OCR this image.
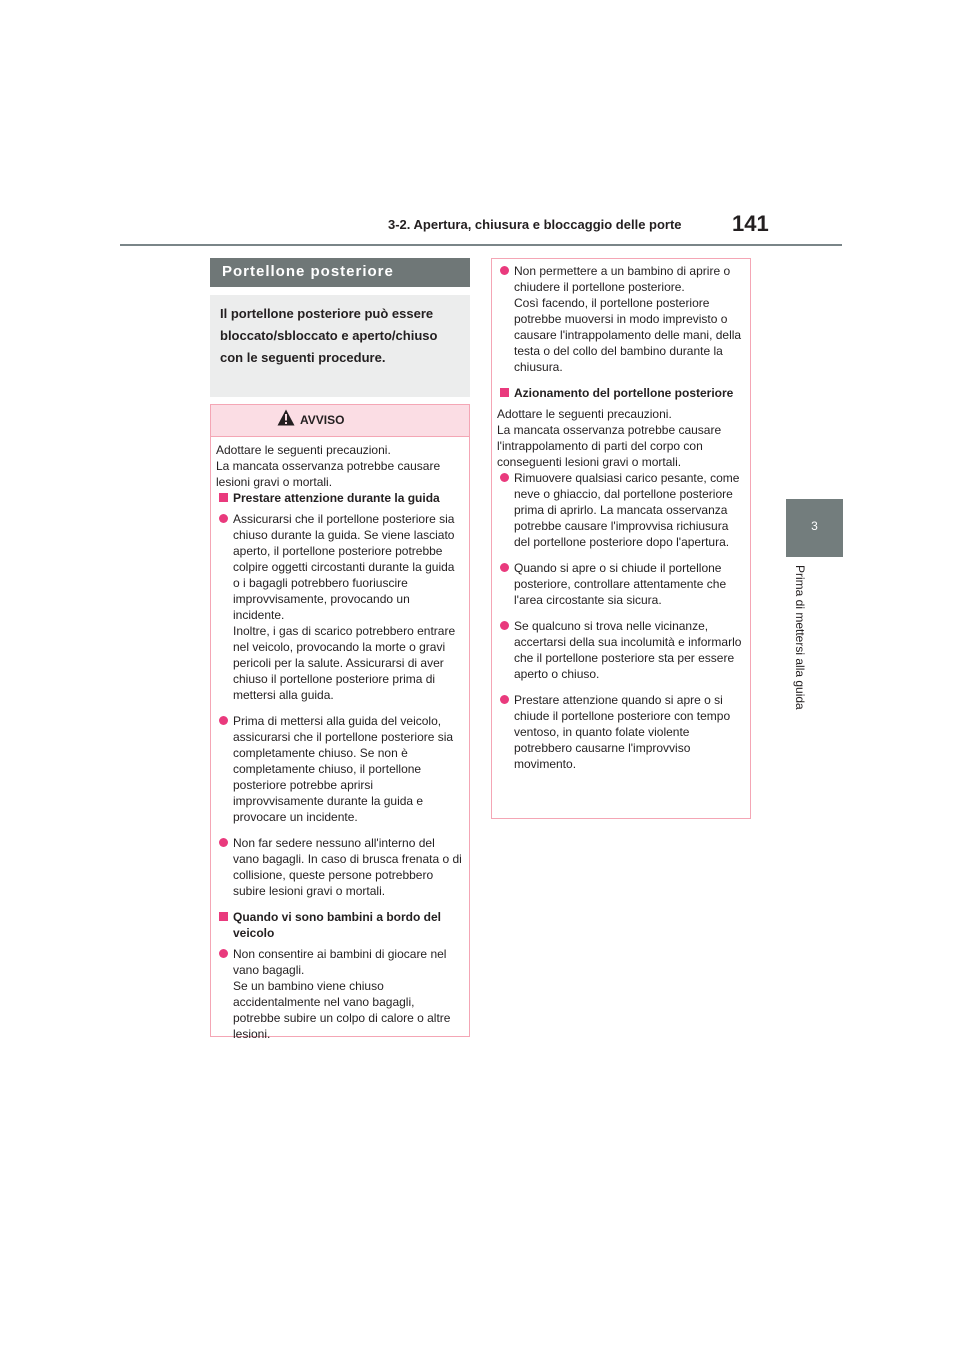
3-2. Apertura, chiusura e bloccaggio delle porte 141
3
Prima di mettersi alla guida
Portellone posteriore
Il portellone posteriore può essere bloccato/sbloccato e aperto/chiuso con le seguenti procedure.
AVVISO

Adottare le seguenti precauzioni.
La mancata osservanza potrebbe causare lesioni gravi o mortali.

Prestare attenzione durante la guida
Assicurarsi che il portellone posteriore sia chiuso durante la guida. Se viene lasciato aperto, il portellone posteriore potrebbe colpire oggetti circostanti durante la guida o i bagagli potrebbero fuoriuscire improvvisamente, provocando un incidente.
Inoltre, i gas di scarico potrebbero entrare nel veicolo, provocando la morte o gravi pericoli per la salute. Assicurarsi di aver chiuso il portellone posteriore prima di mettersi alla guida.
Prima di mettersi alla guida del veicolo, assicurarsi che il portellone posteriore sia completamente chiuso. Se non è completamente chiuso, il portellone posteriore potrebbe aprirsi improvvisamente durante la guida e provocare un incidente.
Non far sedere nessuno all'interno del vano bagagli. In caso di brusca frenata o di collisione, queste persone potrebbero subire lesioni gravi o mortali.
Quando vi sono bambini a bordo del veicolo
Non consentire ai bambini di giocare nel vano bagagli.
Se un bambino viene chiuso accidentalmente nel vano bagagli, potrebbe subire un colpo di calore o altre lesioni.
Non permettere a un bambino di aprire o chiudere il portellone posteriore.
Così facendo, il portellone posteriore potrebbe muoversi in modo imprevisto o causare l'intrappolamento delle mani, della testa o del collo del bambino durante la chiusura.
Azionamento del portellone posteriore

Adottare le seguenti precauzioni.
La mancata osservanza potrebbe causare l'intrappolamento di parti del corpo con conseguenti lesioni gravi o mortali.

Rimuovere qualsiasi carico pesante, come neve o ghiaccio, dal portellone posteriore prima di aprirlo. La mancata osservanza potrebbe causare l'improvvisa richiusura del portellone posteriore dopo l'apertura.
Quando si apre o si chiude il portellone posteriore, controllare attentamente che l'area circostante sia sicura.
Se qualcuno si trova nelle vicinanze, accertarsi della sua incolumità e informarlo che il portellone posteriore sta per essere aperto o chiuso.
Prestare attenzione quando si apre o si chiude il portellone posteriore con tempo ventoso, in quanto folate violente potrebbero causarne l'improvviso movimento.
